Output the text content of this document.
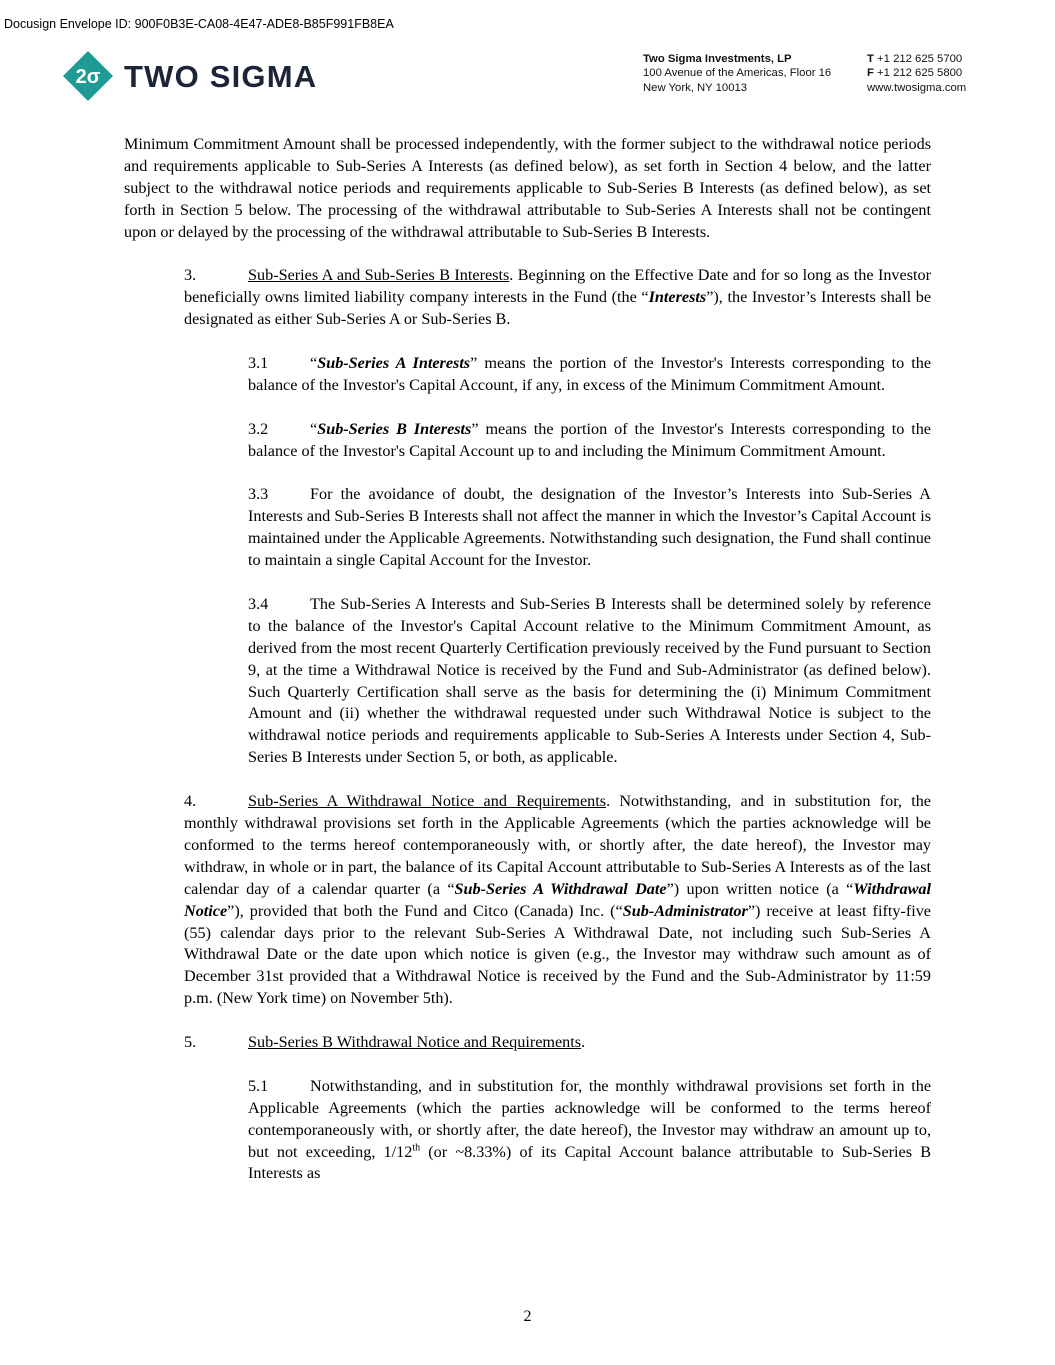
Docusign Envelope ID: 900F0B3E-CA08-4E47-ADE8-B85F991FB8EA
2σ TWO SIGMA	Two Sigma Investments, LP
100 Avenue of the Americas, Floor 16
New York, NY 10013
T +1 212 625 5700
F +1 212 625 5800
www.twosigma.com

Minimum Commitment Amount shall be processed independently, with the former subject to the withdrawal notice periods and requirements applicable to Sub-Series A Interests (as defined below), as set forth in Section 4 below, and the latter subject to the withdrawal notice periods and requirements applicable to Sub-Series B Interests (as defined below), as set forth in Section 5 below. The processing of the withdrawal attributable to Sub-Series A Interests shall not be contingent upon or delayed by the processing of the withdrawal attributable to Sub-Series B Interests.

3.	Sub-Series A and Sub-Series B Interests. Beginning on the Effective Date and for so long as the Investor beneficially owns limited liability company interests in the Fund (the “Interests”), the Investor’s Interests shall be designated as either Sub-Series A or Sub-Series B.

3.1	“Sub-Series A Interests” means the portion of the Investor's Interests corresponding to the balance of the Investor's Capital Account, if any, in excess of the Minimum Commitment Amount.

3.2	“Sub-Series B Interests” means the portion of the Investor's Interests corresponding to the balance of the Investor's Capital Account up to and including the Minimum Commitment Amount.

3.3	For the avoidance of doubt, the designation of the Investor’s Interests into Sub-Series A Interests and Sub-Series B Interests shall not affect the manner in which the Investor’s Capital Account is maintained under the Applicable Agreements. Notwithstanding such designation, the Fund shall continue to maintain a single Capital Account for the Investor.

3.4	The Sub-Series A Interests and Sub-Series B Interests shall be determined solely by reference to the balance of the Investor's Capital Account relative to the Minimum Commitment Amount, as derived from the most recent Quarterly Certification previously received by the Fund pursuant to Section 9, at the time a Withdrawal Notice is received by the Fund and Sub-Administrator (as defined below). Such Quarterly Certification shall serve as the basis for determining the (i) Minimum Commitment Amount and (ii) whether the withdrawal requested under such Withdrawal Notice is subject to the withdrawal notice periods and requirements applicable to Sub-Series A Interests under Section 4, Sub-Series B Interests under Section 5, or both, as applicable.

4.	Sub-Series A Withdrawal Notice and Requirements. Notwithstanding, and in substitution for, the monthly withdrawal provisions set forth in the Applicable Agreements (which the parties acknowledge will be conformed to the terms hereof contemporaneously with, or shortly after, the date hereof), the Investor may withdraw, in whole or in part, the balance of its Capital Account attributable to Sub-Series A Interests as of the last calendar day of a calendar quarter (a “Sub-Series A Withdrawal Date”) upon written notice (a “Withdrawal Notice”), provided that both the Fund and Citco (Canada) Inc. (“Sub-Administrator”) receive at least fifty-five (55) calendar days prior to the relevant Sub-Series A Withdrawal Date, not including such Sub-Series A Withdrawal Date or the date upon which notice is given (e.g., the Investor may withdraw such amount as of December 31st provided that a Withdrawal Notice is received by the Fund and the Sub-Administrator by 11:59 p.m. (New York time) on November 5th).

5.	Sub-Series B Withdrawal Notice and Requirements.

5.1	Notwithstanding, and in substitution for, the monthly withdrawal provisions set forth in the Applicable Agreements (which the parties acknowledge will be conformed to the terms hereof contemporaneously with, or shortly after, the date hereof), the Investor may withdraw an amount up to, but not exceeding, 1/12th (or ~8.33%) of its Capital Account balance attributable to Sub-Series B Interests as

2
